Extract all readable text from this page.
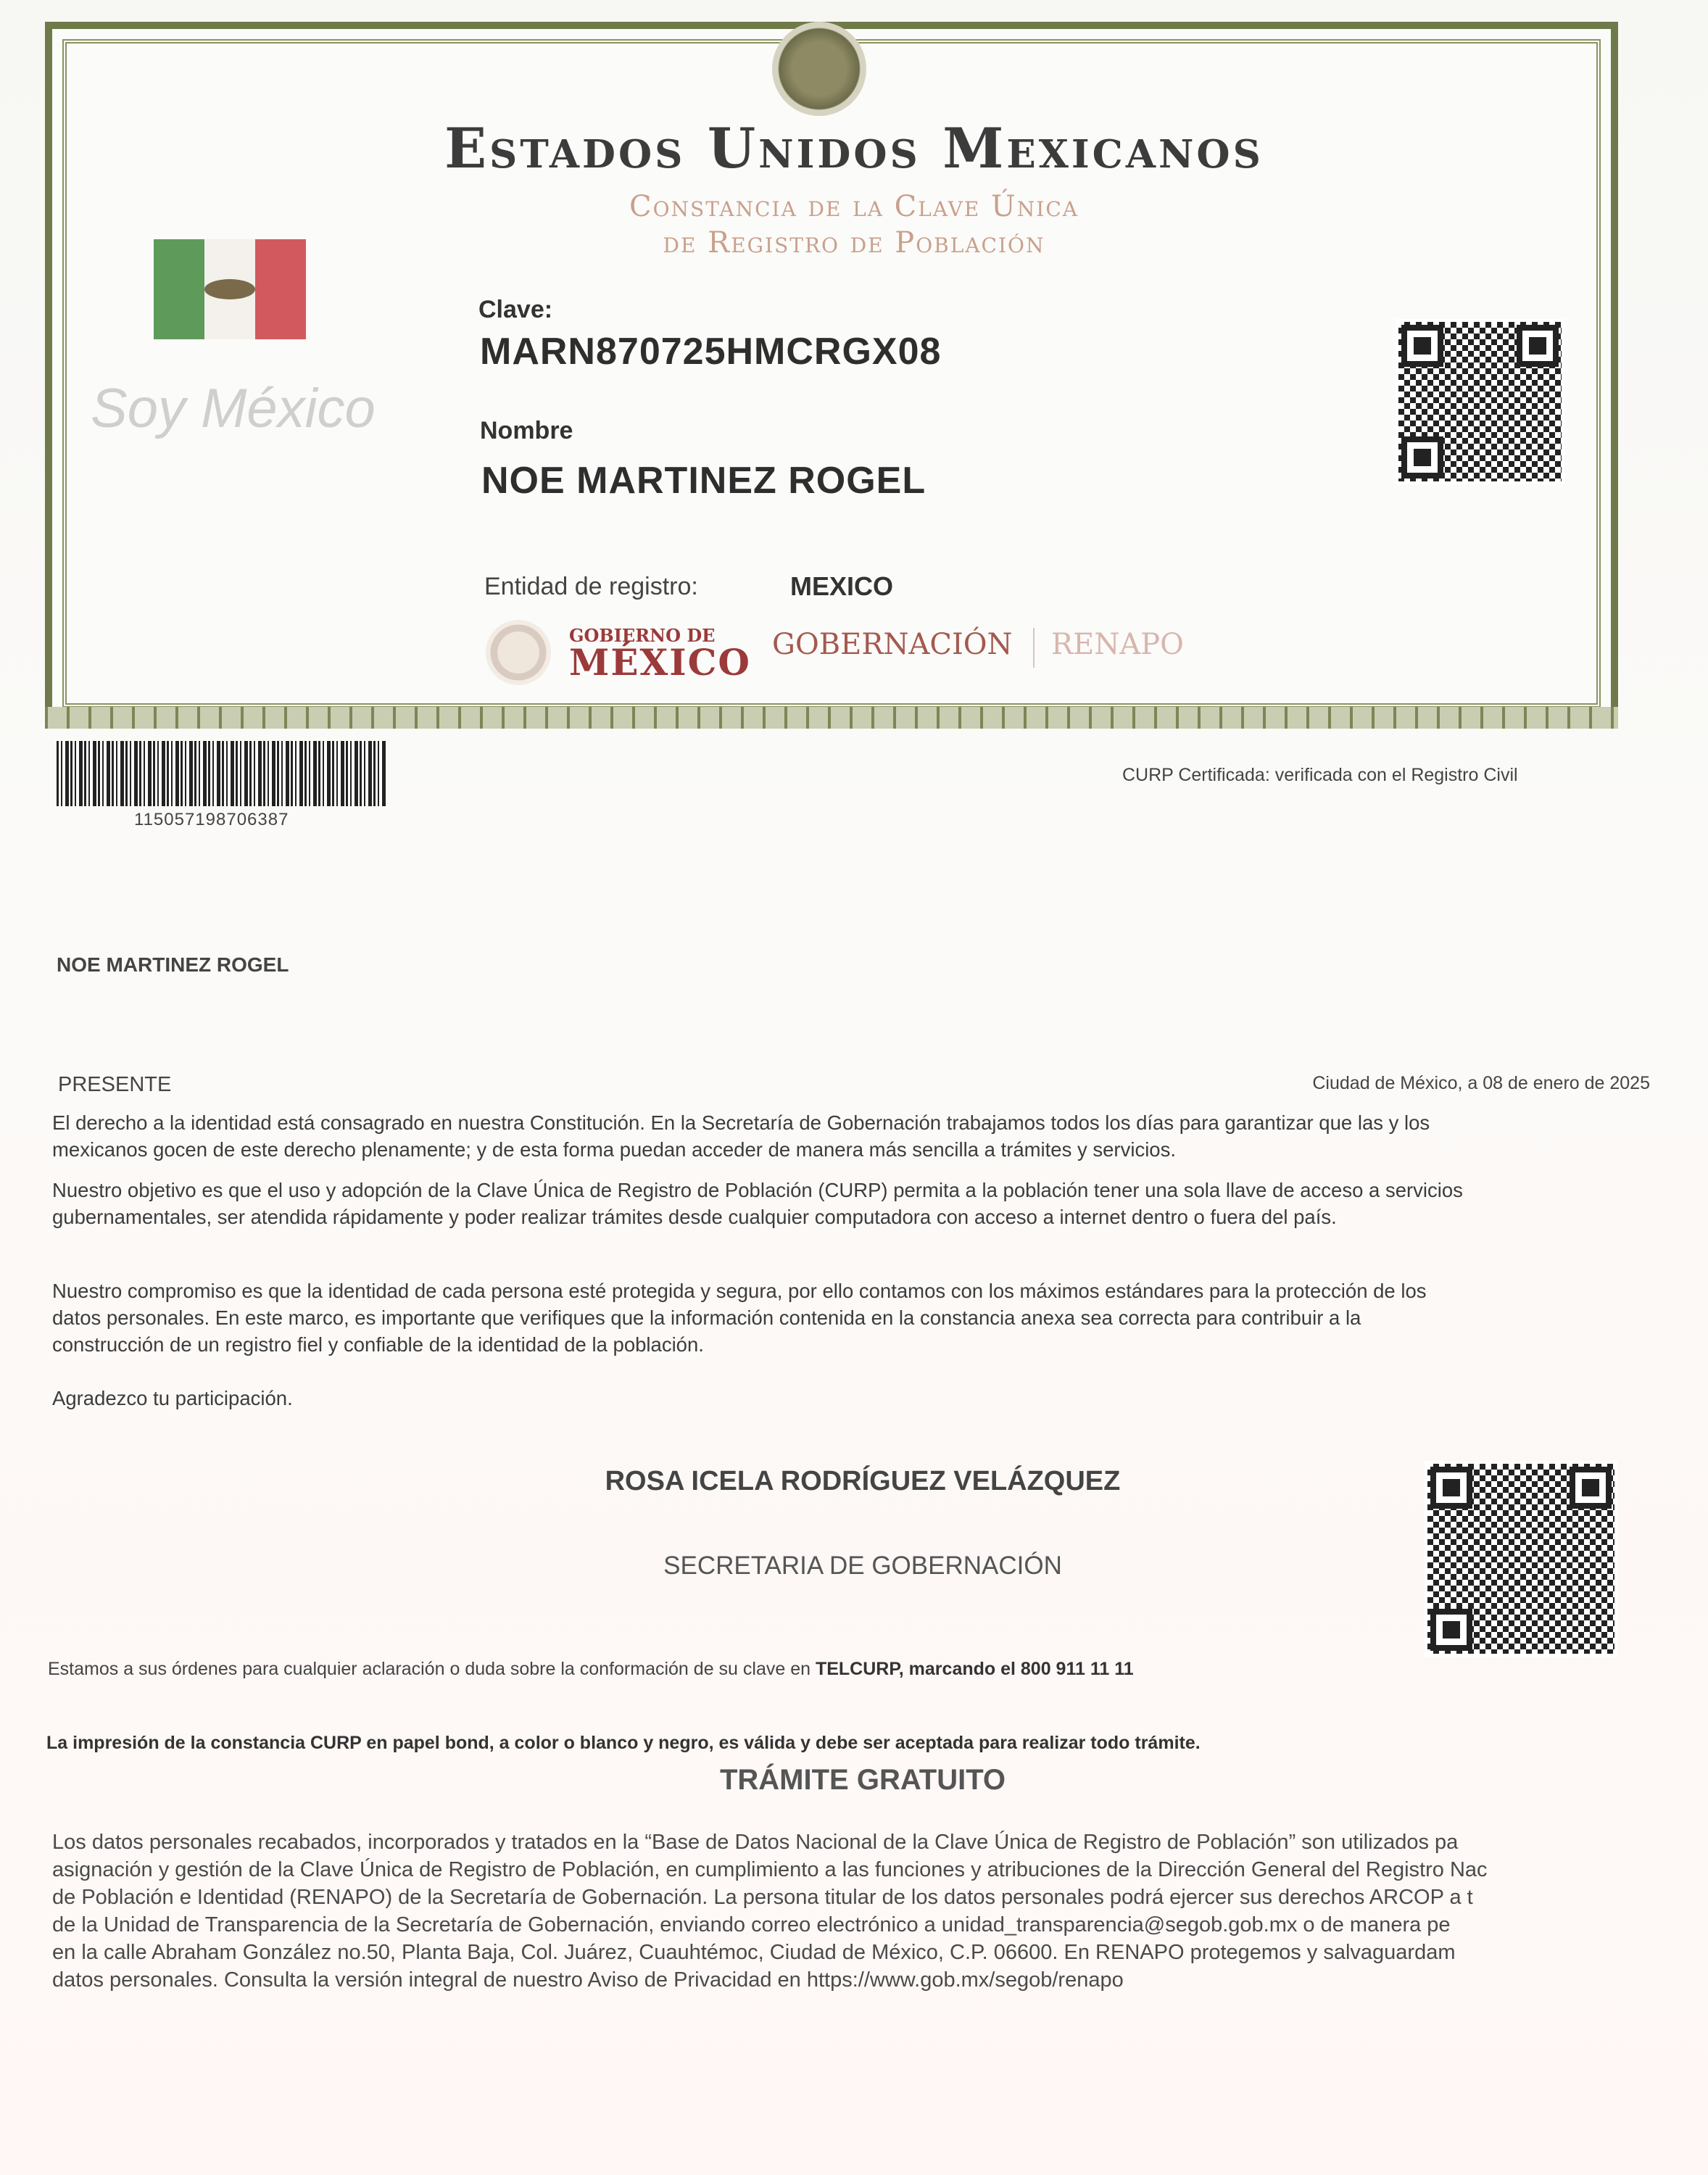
Estados Unidos Mexicanos
Constancia de la Clave Única
de Registro de Población
Soy México
Clave:
MARN870725HMCRGX08
Nombre
NOE MARTINEZ ROGEL
Entidad de registro:	MEXICO
GOBIERNO DE
MÉXICO GOBERNACIÓN RENAPO
115057198706387
CURP Certificada: verificada con el Registro Civil
NOE MARTINEZ ROGEL
PRESENTE	Ciudad de México, a 08 de enero de 2025
El derecho a la identidad está consagrado en nuestra Constitución. En la Secretaría de Gobernación trabajamos todos los días para garantizar que las y los
mexicanos gocen de este derecho plenamente; y de esta forma puedan acceder de manera más sencilla a trámites y servicios.
Nuestro objetivo es que el uso y adopción de la Clave Única de Registro de Población (CURP) permita a la población tener una sola llave de acceso a servicios
gubernamentales, ser atendida rápidamente y poder realizar trámites desde cualquier computadora con acceso a internet dentro o fuera del país.
Nuestro compromiso es que la identidad de cada persona esté protegida y segura, por ello contamos con los máximos estándares para la protección de los
datos personales. En este marco, es importante que verifiques que la información contenida en la constancia anexa sea correcta para contribuir a la
construcción de un registro fiel y confiable de la identidad de la población.
Agradezco tu participación.
ROSA ICELA RODRÍGUEZ VELÁZQUEZ
SECRETARIA DE GOBERNACIÓN
Estamos a sus órdenes para cualquier aclaración o duda sobre la conformación de su clave en TELCURP, marcando el 800 911 11 11
La impresión de la constancia CURP en papel bond, a color o blanco y negro, es válida y debe ser aceptada para realizar todo trámite.
TRÁMITE GRATUITO
Los datos personales recabados, incorporados y tratados en la “Base de Datos Nacional de la Clave Única de Registro de Población” son utilizados pa
asignación y gestión de la Clave Única de Registro de Población, en cumplimiento a las funciones y atribuciones de la Dirección General del Registro Nac
de Población e Identidad (RENAPO) de la Secretaría de Gobernación. La persona titular de los datos personales podrá ejercer sus derechos ARCOP a t
de la Unidad de Transparencia de la Secretaría de Gobernación, enviando correo electrónico a unidad_transparencia@segob.gob.mx o de manera pe
en la calle Abraham González no.50, Planta Baja, Col. Juárez, Cuauhtémoc, Ciudad de México, C.P. 06600. En RENAPO protegemos y salvaguardam
datos personales. Consulta la versión integral de nuestro Aviso de Privacidad en https://www.gob.mx/segob/renapo
